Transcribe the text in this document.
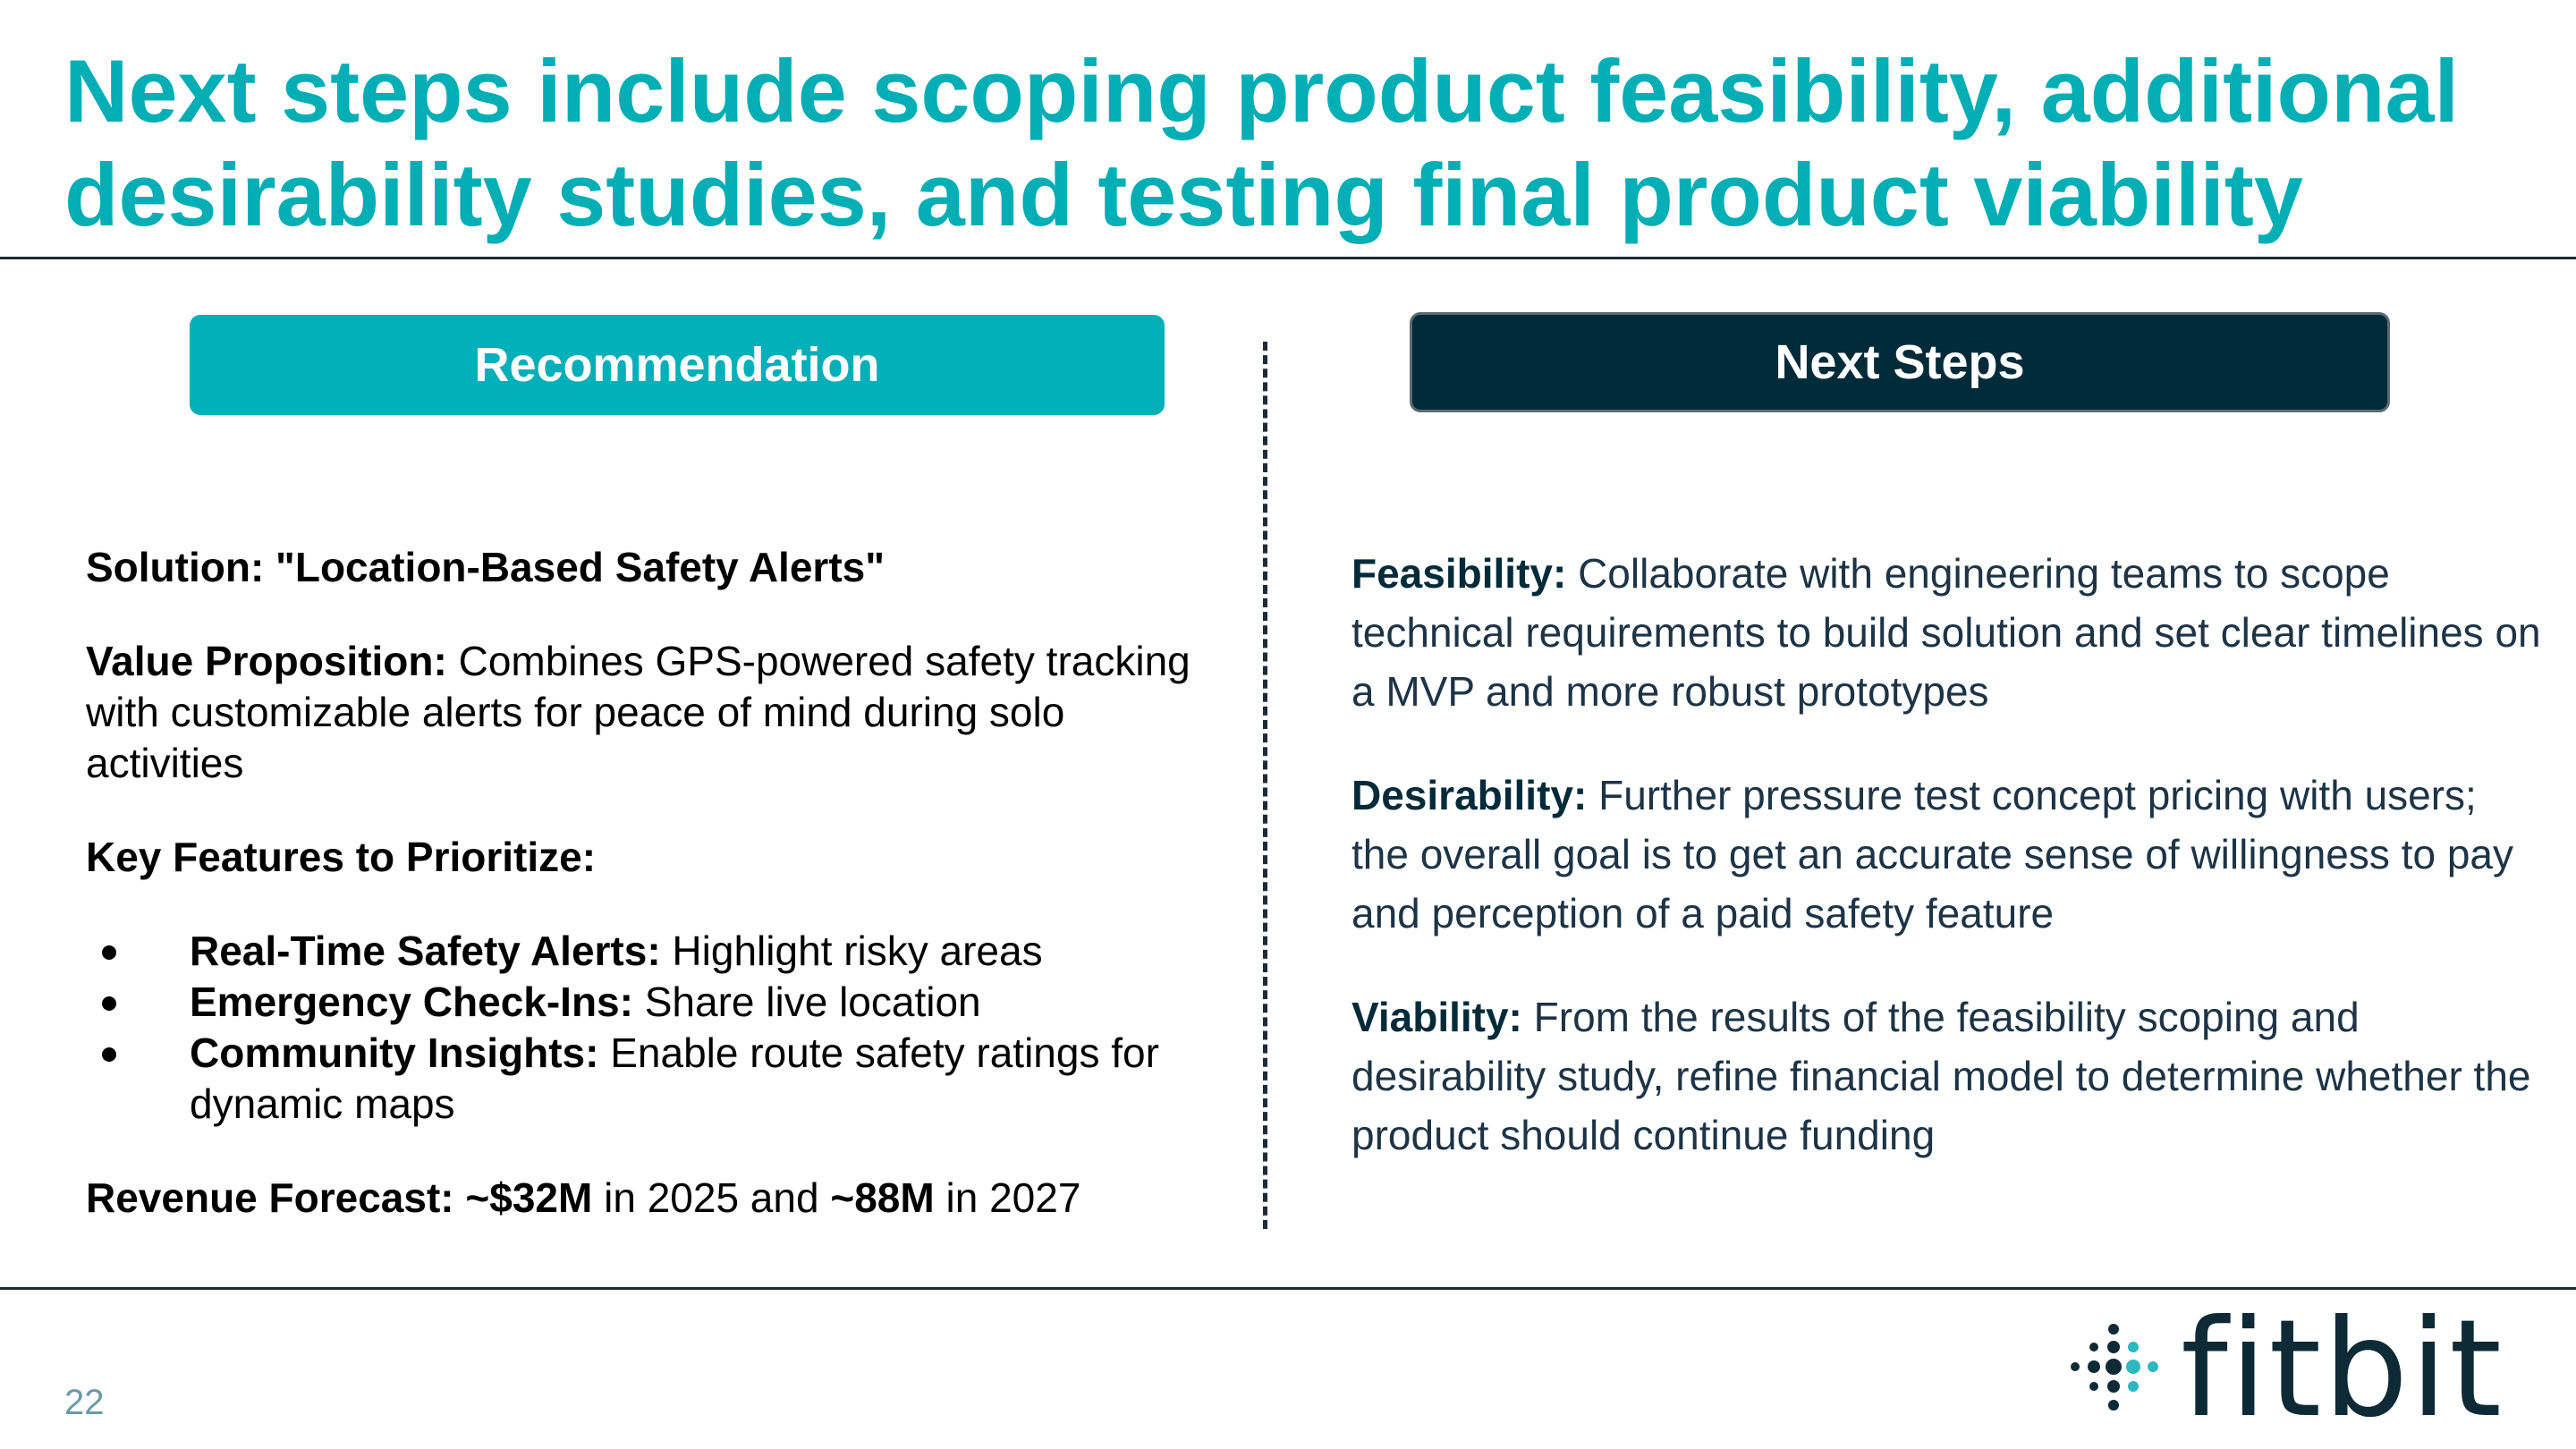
Next steps include scoping product feasibility, additional desirability studies, and testing final product viability
Recommendation	Next Steps

Solution: "Location-Based Safety Alerts"

Value Proposition: Combines GPS-powered safety tracking with customizable alerts for peace of mind during solo activities

Key Features to Prioritize:

Real-Time Safety Alerts: Highlight risky areas
Emergency Check-Ins: Share live location
Community Insights: Enable route safety ratings for dynamic maps

Revenue Forecast: ~$32M in 2025 and ~88M in 2027

Feasibility: Collaborate with engineering teams to scope technical requirements to build solution and set clear timelines on a MVP and more robust prototypes

Desirability: Further pressure test concept pricing with users; the overall goal is to get an accurate sense of willingness to pay and perception of a paid safety feature

Viability: From the results of the feasibility scoping and desirability study, refine financial model to determine whether the product should continue funding

22	fitbit
